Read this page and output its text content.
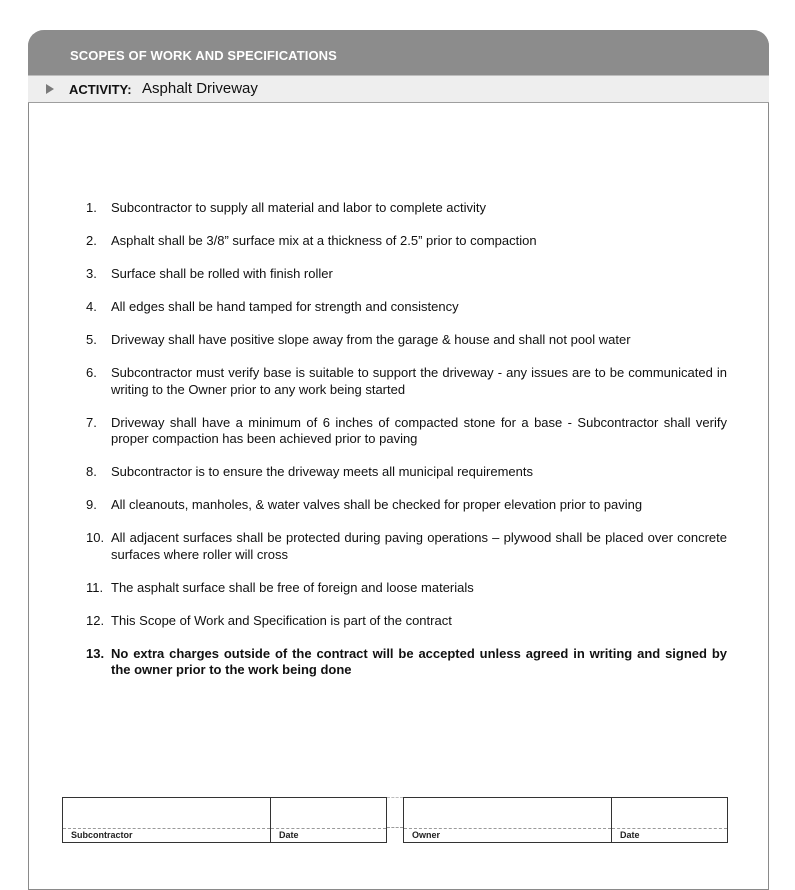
SCOPES OF WORK AND SPECIFICATIONS
ACTIVITY: Asphalt Driveway
1. Subcontractor to supply all material and labor to complete activity
2. Asphalt shall be 3/8” surface mix at a thickness of 2.5” prior to compaction
3. Surface shall be rolled with finish roller
4. All edges shall be hand tamped for strength and consistency
5. Driveway shall have positive slope away from the garage & house and shall not pool water
6. Subcontractor must verify base is suitable to support the driveway - any issues are to be communicated in writing to the Owner prior to any work being started
7. Driveway shall have a minimum of 6 inches of compacted stone for a base - Subcontractor shall verify proper compaction has been achieved prior to paving
8. Subcontractor is to ensure the driveway meets all municipal requirements
9. All cleanouts, manholes, & water valves shall be checked for proper elevation prior to paving
10. All adjacent surfaces shall be protected during paving operations – plywood shall be placed over concrete surfaces where roller will cross
11. The asphalt surface shall be free of foreign and loose materials
12. This Scope of Work and Specification is part of the contract
13. No extra charges outside of the contract will be accepted unless agreed in writing and signed by the owner prior to the work being done
Subcontractor	Date	Owner	Date
